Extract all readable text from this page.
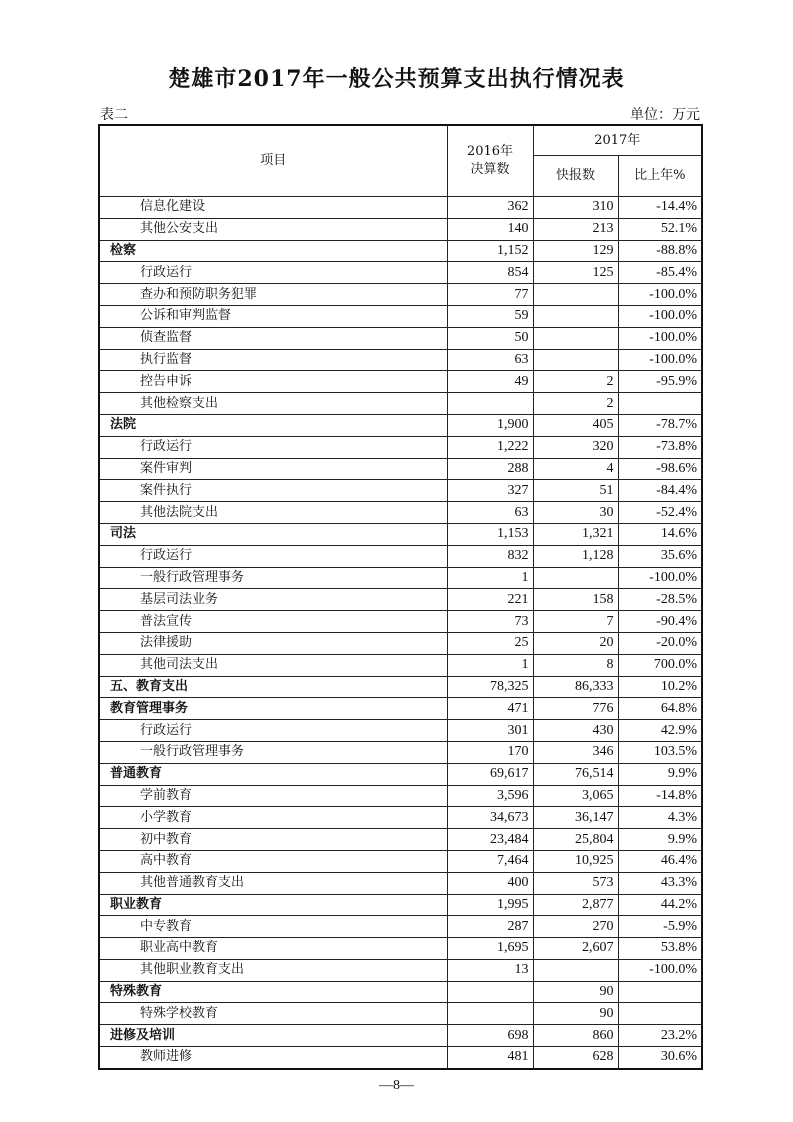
楚雄市2017年一般公共预算支出执行情况表
表二	单位：万元
项目	2016年决算数	2017年	
		快报数	比上年%
信息化建设	362	310	-14.4%
其他公安支出	140	213	52.1%
检察	1,152	129	-88.8%
行政运行	854	125	-85.4%
查办和预防职务犯罪	77		-100.0%
公诉和审判监督	59		-100.0%
侦查监督	50		-100.0%
执行监督	63		-100.0%
控告申诉	49	2	-95.9%
其他检察支出		2	
法院	1,900	405	-78.7%
行政运行	1,222	320	-73.8%
案件审判	288	4	-98.6%
案件执行	327	51	-84.4%
其他法院支出	63	30	-52.4%
司法	1,153	1,321	14.6%
行政运行	832	1,128	35.6%
一般行政管理事务	1		-100.0%
基层司法业务	221	158	-28.5%
普法宣传	73	7	-90.4%
法律援助	25	20	-20.0%
其他司法支出	1	8	700.0%
五、教育支出	78,325	86,333	10.2%
教育管理事务	471	776	64.8%
行政运行	301	430	42.9%
一般行政管理事务	170	346	103.5%
普通教育	69,617	76,514	9.9%
学前教育	3,596	3,065	-14.8%
小学教育	34,673	36,147	4.3%
初中教育	23,484	25,804	9.9%
高中教育	7,464	10,925	46.4%
其他普通教育支出	400	573	43.3%
职业教育	1,995	2,877	44.2%
中专教育	287	270	-5.9%
职业高中教育	1,695	2,607	53.8%
其他职业教育支出	13		-100.0%
特殊教育		90	
特殊学校教育		90	
进修及培训	698	860	23.2%
教师进修	481	628	30.6%
—8—
